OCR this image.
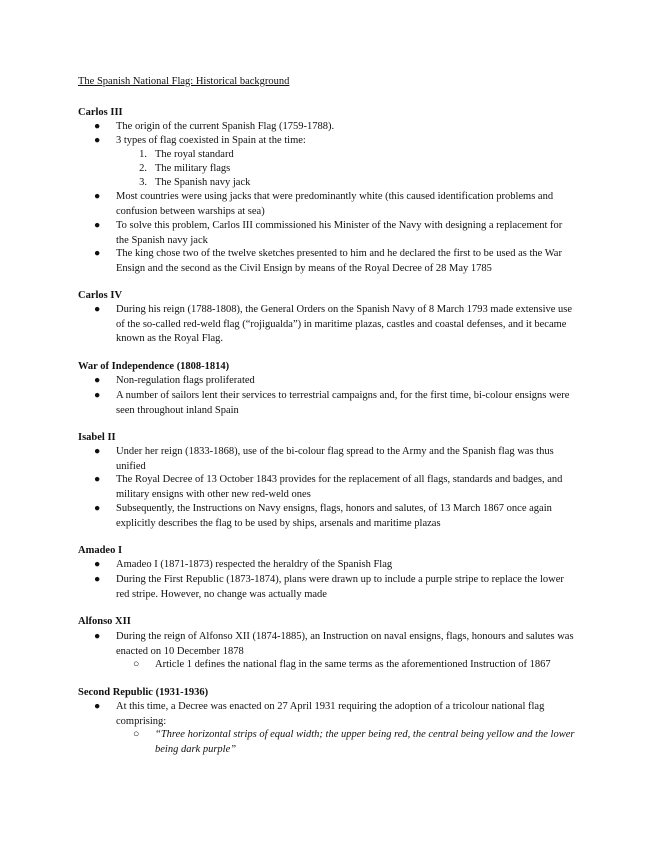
The Spanish National Flag: Historical background
Carlos III
● The origin of the current Spanish Flag (1759-1788).
● 3 types of flag coexisted in Spain at the time:
1. The royal standard
2. The military flags
3. The Spanish navy jack
● Most countries were using jacks that were predominantly white (this caused identification problems and confusion between warships at sea)
● To solve this problem, Carlos III commissioned his Minister of the Navy with designing a replacement for the Spanish navy jack
● The king chose two of the twelve sketches presented to him and he declared the first to be used as the War Ensign and the second as the Civil Ensign by means of the Royal Decree of 28 May 1785
Carlos IV
● During his reign (1788-1808), the General Orders on the Spanish Navy of 8 March 1793 made extensive use of the so-called red-weld flag (“rojigualda”) in maritime plazas, castles and coastal defenses, and it became known as the Royal Flag.
War of Independence (1808-1814)
● Non-regulation flags proliferated
● A number of sailors lent their services to terrestrial campaigns and, for the first time, bi-colour ensigns were seen throughout inland Spain
Isabel II
● Under her reign (1833-1868), use of the bi-colour flag spread to the Army and the Spanish flag was thus unified
● The Royal Decree of 13 October 1843 provides for the replacement of all flags, standards and badges, and military ensigns with other new red-weld ones
● Subsequently, the Instructions on Navy ensigns, flags, honors and salutes, of 13 March 1867 once again explicitly describes the flag to be used by ships, arsenals and maritime plazas
Amadeo I
● Amadeo I (1871-1873) respected the heraldry of the Spanish Flag
● During the First Republic (1873-1874), plans were drawn up to include a purple stripe to replace the lower red stripe. However, no change was actually made
Alfonso XII
● During the reign of Alfonso XII (1874-1885), an Instruction on naval ensigns, flags, honours and salutes was enacted on 10 December 1878
○ Article 1 defines the national flag in the same terms as the aforementioned Instruction of 1867
Second Republic (1931-1936)
● At this time, a Decree was enacted on 27 April 1931 requiring the adoption of a tricolour national flag comprising:
○ “Three horizontal strips of equal width; the upper being red, the central being yellow and the lower being dark purple”
